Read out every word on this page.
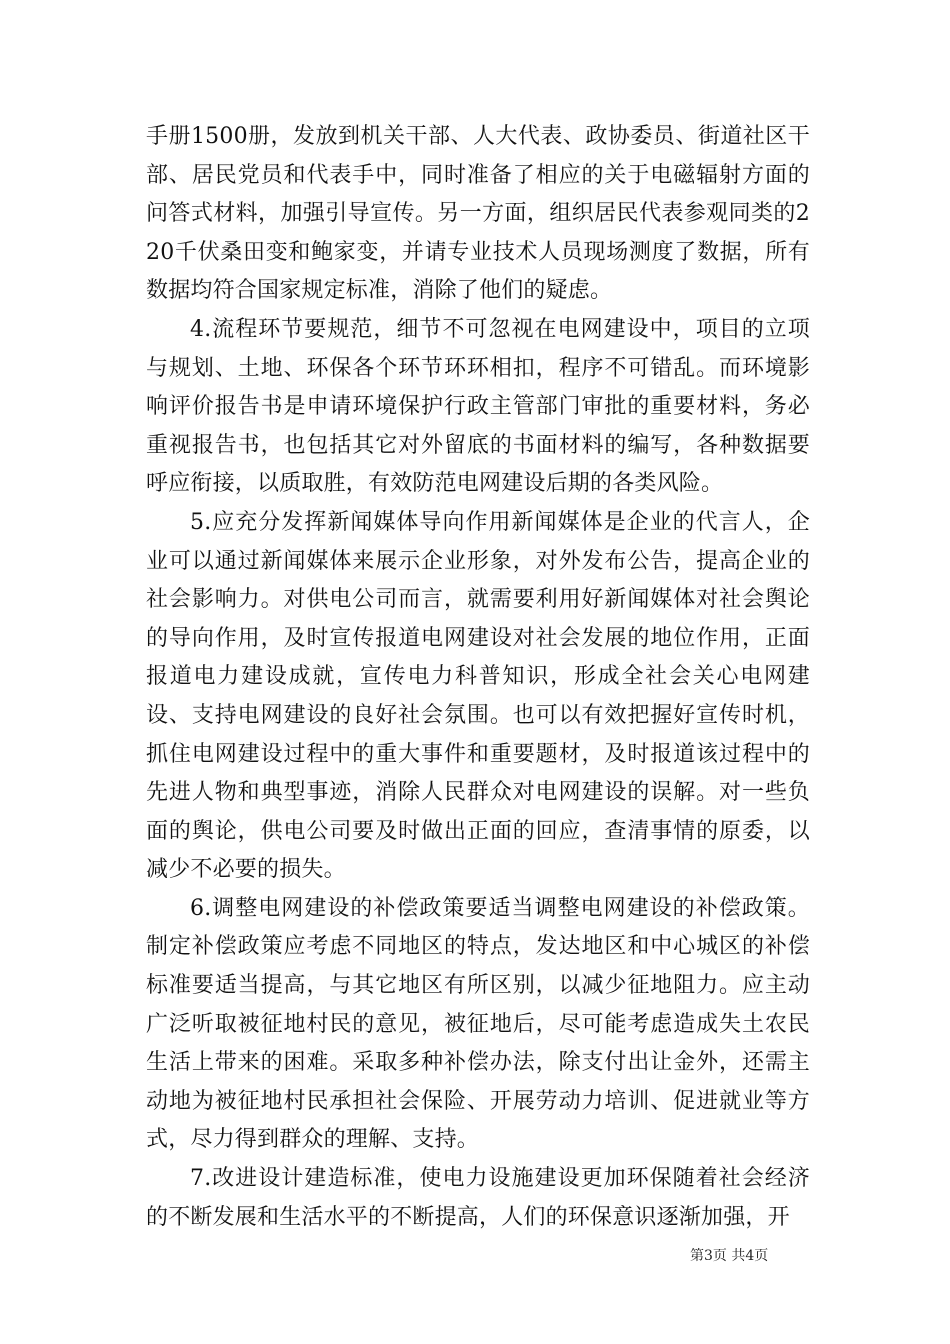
手册1500册，发放到机关干部、人大代表、政协委员、街道社区干部、居民党员和代表手中，同时准备了相应的关于电磁辐射方面的问答式材料，加强引导宣传。另一方面，组织居民代表参观同类的220千伏桑田变和鲍家变，并请专业技术人员现场测度了数据，所有数据均符合国家规定标准，消除了他们的疑虑。

4.流程环节要规范，细节不可忽视在电网建设中，项目的立项与规划、土地、环保各个环节环环相扣，程序不可错乱。而环境影响评价报告书是申请环境保护行政主管部门审批的重要材料，务必重视报告书，也包括其它对外留底的书面材料的编写，各种数据要呼应衔接，以质取胜，有效防范电网建设后期的各类风险。

5.应充分发挥新闻媒体导向作用新闻媒体是企业的代言人，企业可以通过新闻媒体来展示企业形象，对外发布公告，提高企业的社会影响力。对供电公司而言，就需要利用好新闻媒体对社会舆论的导向作用，及时宣传报道电网建设对社会发展的地位作用，正面报道电力建设成就，宣传电力科普知识，形成全社会关心电网建设、支持电网建设的良好社会氛围。也可以有效把握好宣传时机，抓住电网建设过程中的重大事件和重要题材，及时报道该过程中的先进人物和典型事迹，消除人民群众对电网建设的误解。对一些负面的舆论，供电公司要及时做出正面的回应，查清事情的原委，以减少不必要的损失。

6.调整电网建设的补偿政策要适当调整电网建设的补偿政策。制定补偿政策应考虑不同地区的特点，发达地区和中心城区的补偿标准要适当提高，与其它地区有所区别，以减少征地阻力。应主动广泛听取被征地村民的意见，被征地后，尽可能考虑造成失土农民生活上带来的困难。采取多种补偿办法，除支付出让金外，还需主动地为被征地村民承担社会保险、开展劳动力培训、促进就业等方式，尽力得到群众的理解、支持。

7.改进设计建造标准，使电力设施建设更加环保随着社会经济的不断发展和生活水平的不断提高，人们的环保意识逐渐加强，开

第3页 共4页
